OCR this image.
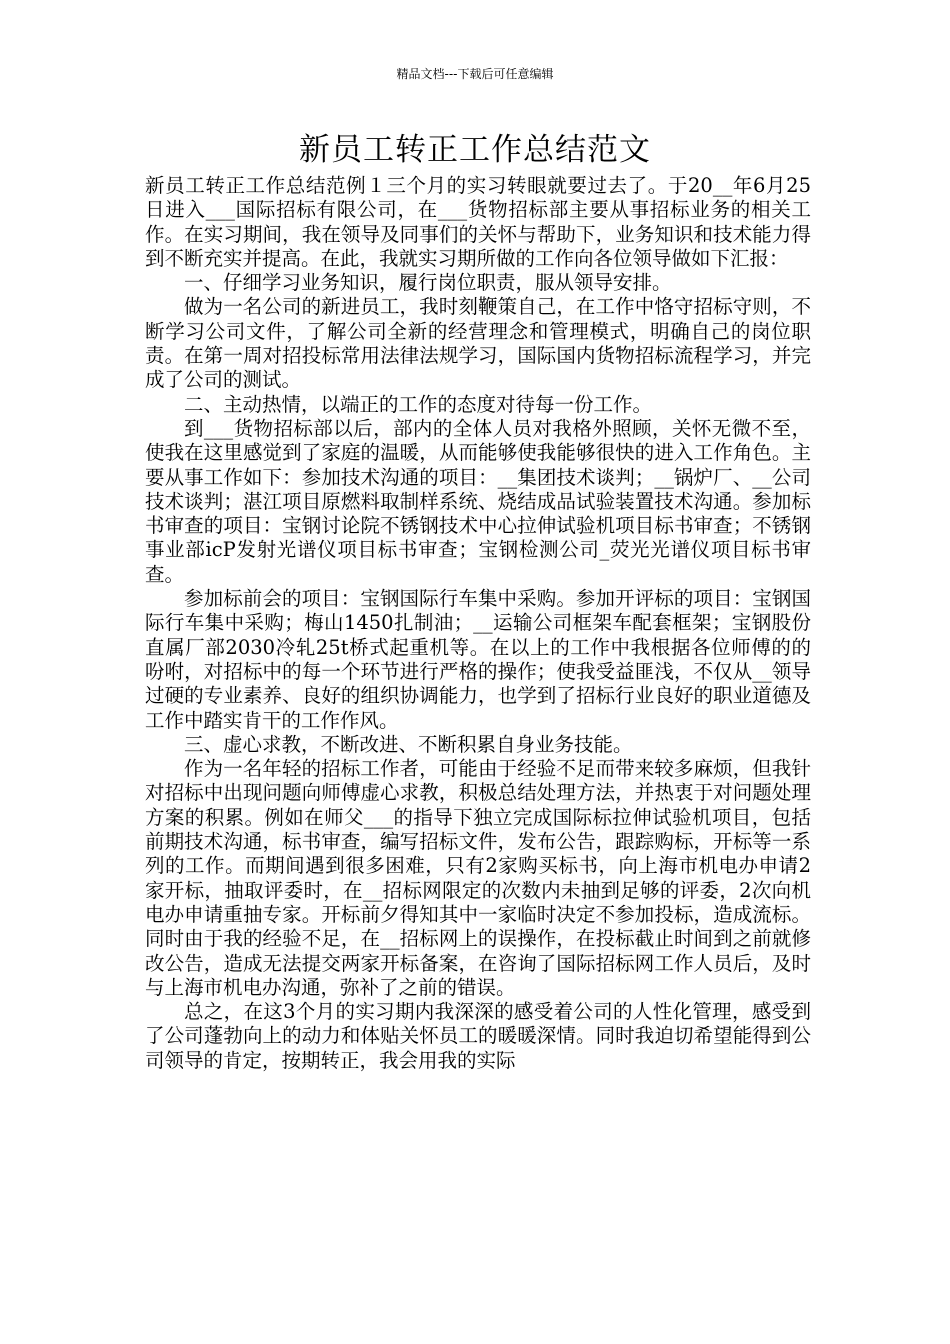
精品文档---下载后可任意编辑
新员工转正工作总结范文

新员工转正工作总结范例１三个月的实习转眼就要过去了。于20__年6月25日进入___国际招标有限公司，在___货物招标部主要从事招标业务的相关工作。在实习期间，我在领导及同事们的关怀与帮助下，业务知识和技术能力得到不断充实并提高。在此，我就实习期所做的工作向各位领导做如下汇报：

一、仔细学习业务知识，履行岗位职责，服从领导安排。

做为一名公司的新进员工，我时刻鞭策自己，在工作中恪守招标守则，不断学习公司文件，了解公司全新的经营理念和管理模式，明确自己的岗位职责。在第一周对招投标常用法律法规学习，国际国内货物招标流程学习，并完成了公司的测试。

二、主动热情，以端正的工作的态度对待每一份工作。

到___货物招标部以后，部内的全体人员对我格外照顾，关怀无微不至，使我在这里感觉到了家庭的温暖，从而能够使我能够很快的进入工作角色。主要从事工作如下：参加技术沟通的项目：__集团技术谈判；__锅炉厂、__公司技术谈判；湛江项目原燃料取制样系统、烧结成品试验装置技术沟通。参加标书审查的项目：宝钢讨论院不锈钢技术中心拉伸试验机项目标书审查；不锈钢事业部icP发射光谱仪项目标书审查；宝钢检测公司_荧光光谱仪项目标书审查。

参加标前会的项目：宝钢国际行车集中采购。参加开评标的项目：宝钢国际行车集中采购；梅山1450扎制油；__运输公司框架车配套框架；宝钢股份直属厂部2030冷轧25t桥式起重机等。在以上的工作中我根据各位师傅的的吩咐，对招标中的每一个环节进行严格的操作；使我受益匪浅，不仅从__领导过硬的专业素养、良好的组织协调能力，也学到了招标行业良好的职业道德及工作中踏实肯干的工作作风。

三、虚心求教，不断改进、不断积累自身业务技能。

作为一名年轻的招标工作者，可能由于经验不足而带来较多麻烦，但我针对招标中出现问题向师傅虚心求教，积极总结处理方法，并热衷于对问题处理方案的积累。例如在师父___的指导下独立完成国际标拉伸试验机项目，包括前期技术沟通，标书审查，编写招标文件，发布公告，跟踪购标，开标等一系列的工作。而期间遇到很多困难，只有2家购买标书，向上海市机电办申请2家开标，抽取评委时，在__招标网限定的次数内未抽到足够的评委，2次向机电办申请重抽专家。开标前夕得知其中一家临时决定不参加投标，造成流标。同时由于我的经验不足，在__招标网上的误操作，在投标截止时间到之前就修改公告，造成无法提交两家开标备案，在咨询了国际招标网工作人员后，及时与上海市机电办沟通，弥补了之前的错误。

总之，在这3个月的实习期内我深深的感受着公司的人性化管理，感受到了公司蓬勃向上的动力和体贴关怀员工的暖暖深情。同时我迫切希望能得到公司领导的肯定，按期转正，我会用我的实际
